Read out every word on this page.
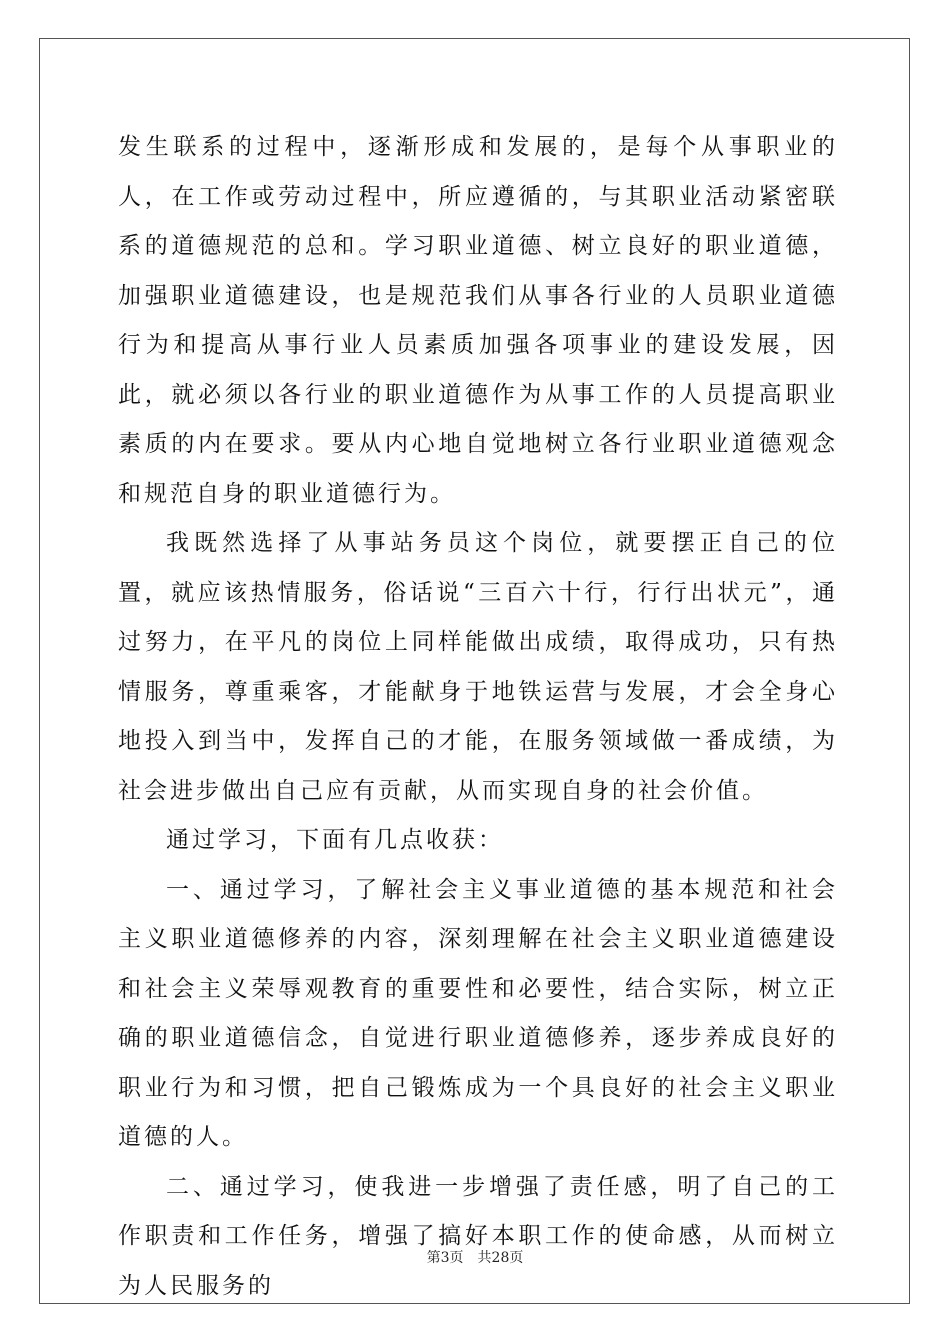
发生联系的过程中，逐渐形成和发展的，是每个从事职业的人，在工作或劳动过程中，所应遵循的，与其职业活动紧密联系的道德规范的总和。学习职业道德、树立良好的职业道德，加强职业道德建设，也是规范我们从事各行业的人员职业道德行为和提高从事行业人员素质加强各项事业的建设发展，因此，就必须以各行业的职业道德作为从事工作的人员提高职业素质的内在要求。要从内心地自觉地树立各行业职业道德观念和规范自身的职业道德行为。

我既然选择了从事站务员这个岗位，就要摆正自己的位置，就应该热情服务，俗话说“三百六十行，行行出状元”，通过努力，在平凡的岗位上同样能做出成绩，取得成功，只有热情服务，尊重乘客，才能献身于地铁运营与发展，才会全身心地投入到当中，发挥自己的才能，在服务领域做一番成绩，为社会进步做出自己应有贡献，从而实现自身的社会价值。

通过学习，下面有几点收获：

一、通过学习，了解社会主义事业道德的基本规范和社会主义职业道德修养的内容，深刻理解在社会主义职业道德建设和社会主义荣辱观教育的重要性和必要性，结合实际，树立正确的职业道德信念，自觉进行职业道德修养，逐步养成良好的职业行为和习惯，把自己锻炼成为一个具良好的社会主义职业道德的人。

二、通过学习，使我进一步增强了责任感，明了自己的工作职责和工作任务，增强了搞好本职工作的使命感，从而树立为人民服务的

第3页 共28页
